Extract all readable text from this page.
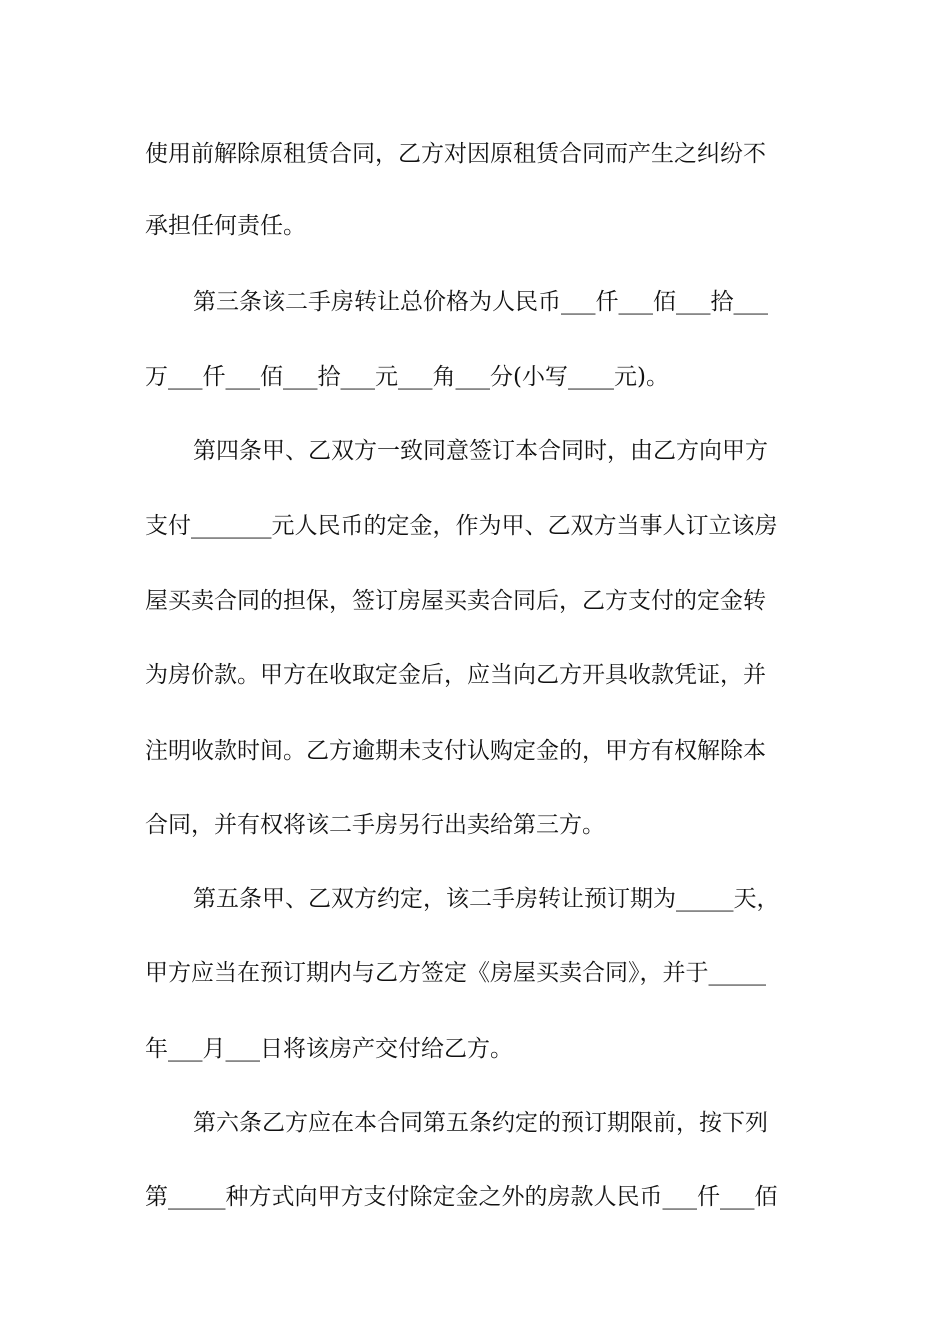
使用前解除原租赁合同，乙方对因原租赁合同而产生之纠纷不

承担任何责任。

第三条该二手房转让总价格为人民币___仟___佰___拾___

万___仟___佰___拾___元___角___分(小写____元)。

第四条甲、乙双方一致同意签订本合同时，由乙方向甲方

支付_______元人民币的定金，作为甲、乙双方当事人订立该房

屋买卖合同的担保，签订房屋买卖合同后，乙方支付的定金转

为房价款。甲方在收取定金后，应当向乙方开具收款凭证，并

注明收款时间。乙方逾期未支付认购定金的，甲方有权解除本

合同，并有权将该二手房另行出卖给第三方。

第五条甲、乙双方约定，该二手房转让预订期为_____天，

甲方应当在预订期内与乙方签定《房屋买卖合同》，并于_____

年___月___日将该房产交付给乙方。

第六条乙方应在本合同第五条约定的预订期限前，按下列

第_____种方式向甲方支付除定金之外的房款人民币___仟___佰
